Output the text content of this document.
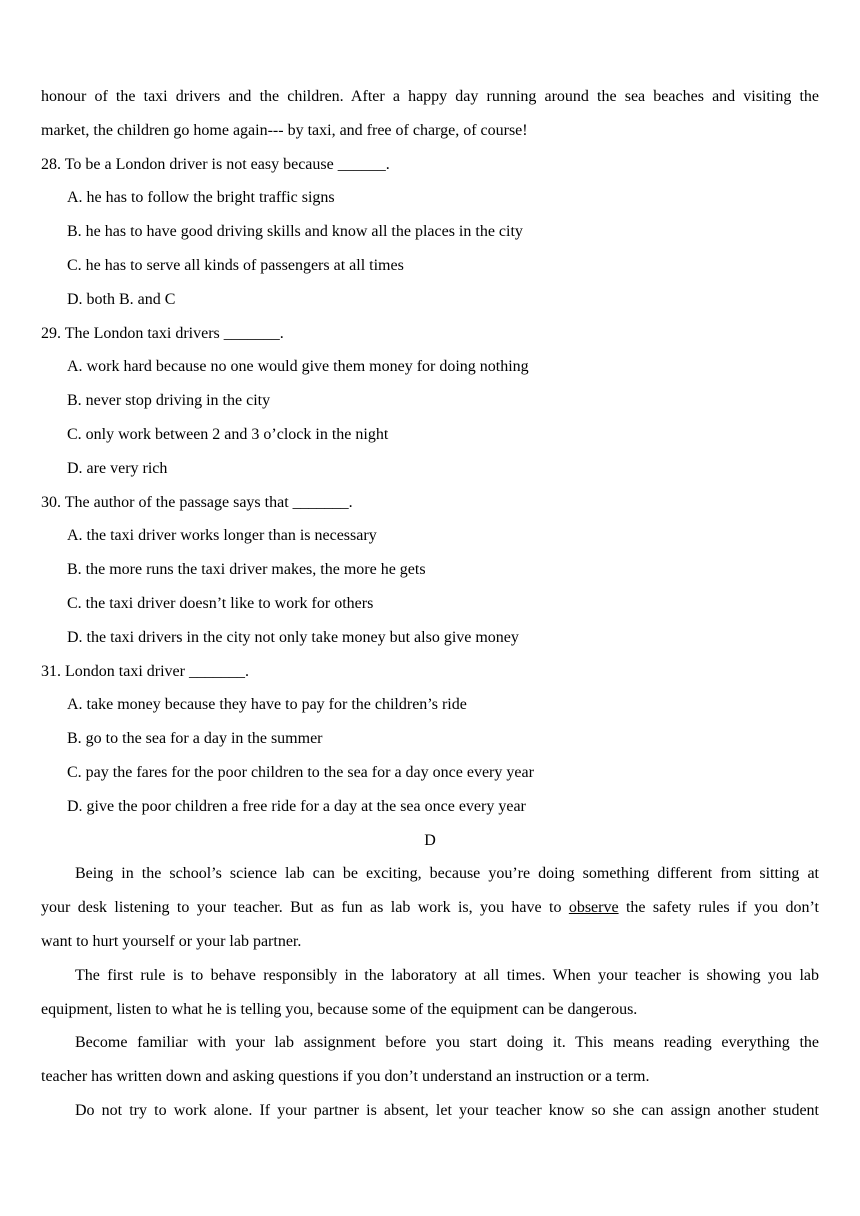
honour of the taxi drivers and the children. After a happy day running around the sea beaches and visiting the
market, the children go home again--- by taxi, and free of charge, of course!
28. To be a London driver is not easy because ______.
A. he has to follow the bright traffic signs
B. he has to have good driving skills and know all the places in the city
C. he has to serve all kinds of passengers at all times
D. both B. and C
29. The London taxi drivers _______.
A. work hard because no one would give them money for doing nothing
B. never stop driving in the city
C. only work between 2 and 3 o’clock in the night
D. are very rich
30. The author of the passage says that _______.
A. the taxi driver works longer than is necessary
B. the more runs the taxi driver makes, the more he gets
C. the taxi driver doesn’t like to work for others
D. the taxi drivers in the city not only take money but also give money
31. London taxi driver _______.
A. take money because they have to pay for the children’s ride
B. go to the sea for a day in the summer
C. pay the fares for the poor children to the sea for a day once every year
D. give the poor children a free ride for a day at the sea once every year
D
Being in the school’s science lab can be exciting, because you’re doing something different from sitting at
your desk listening to your teacher. But as fun as lab work is, you have to observe the safety rules if you don’t
want to hurt yourself or your lab partner.
The first rule is to behave responsibly in the laboratory at all times. When your teacher is showing you lab
equipment, listen to what he is telling you, because some of the equipment can be dangerous.
Become familiar with your lab assignment before you start doing it. This means reading everything the
teacher has written down and asking questions if you don’t understand an instruction or a term.
Do not try to work alone. If your partner is absent, let your teacher know so she can assign another student
